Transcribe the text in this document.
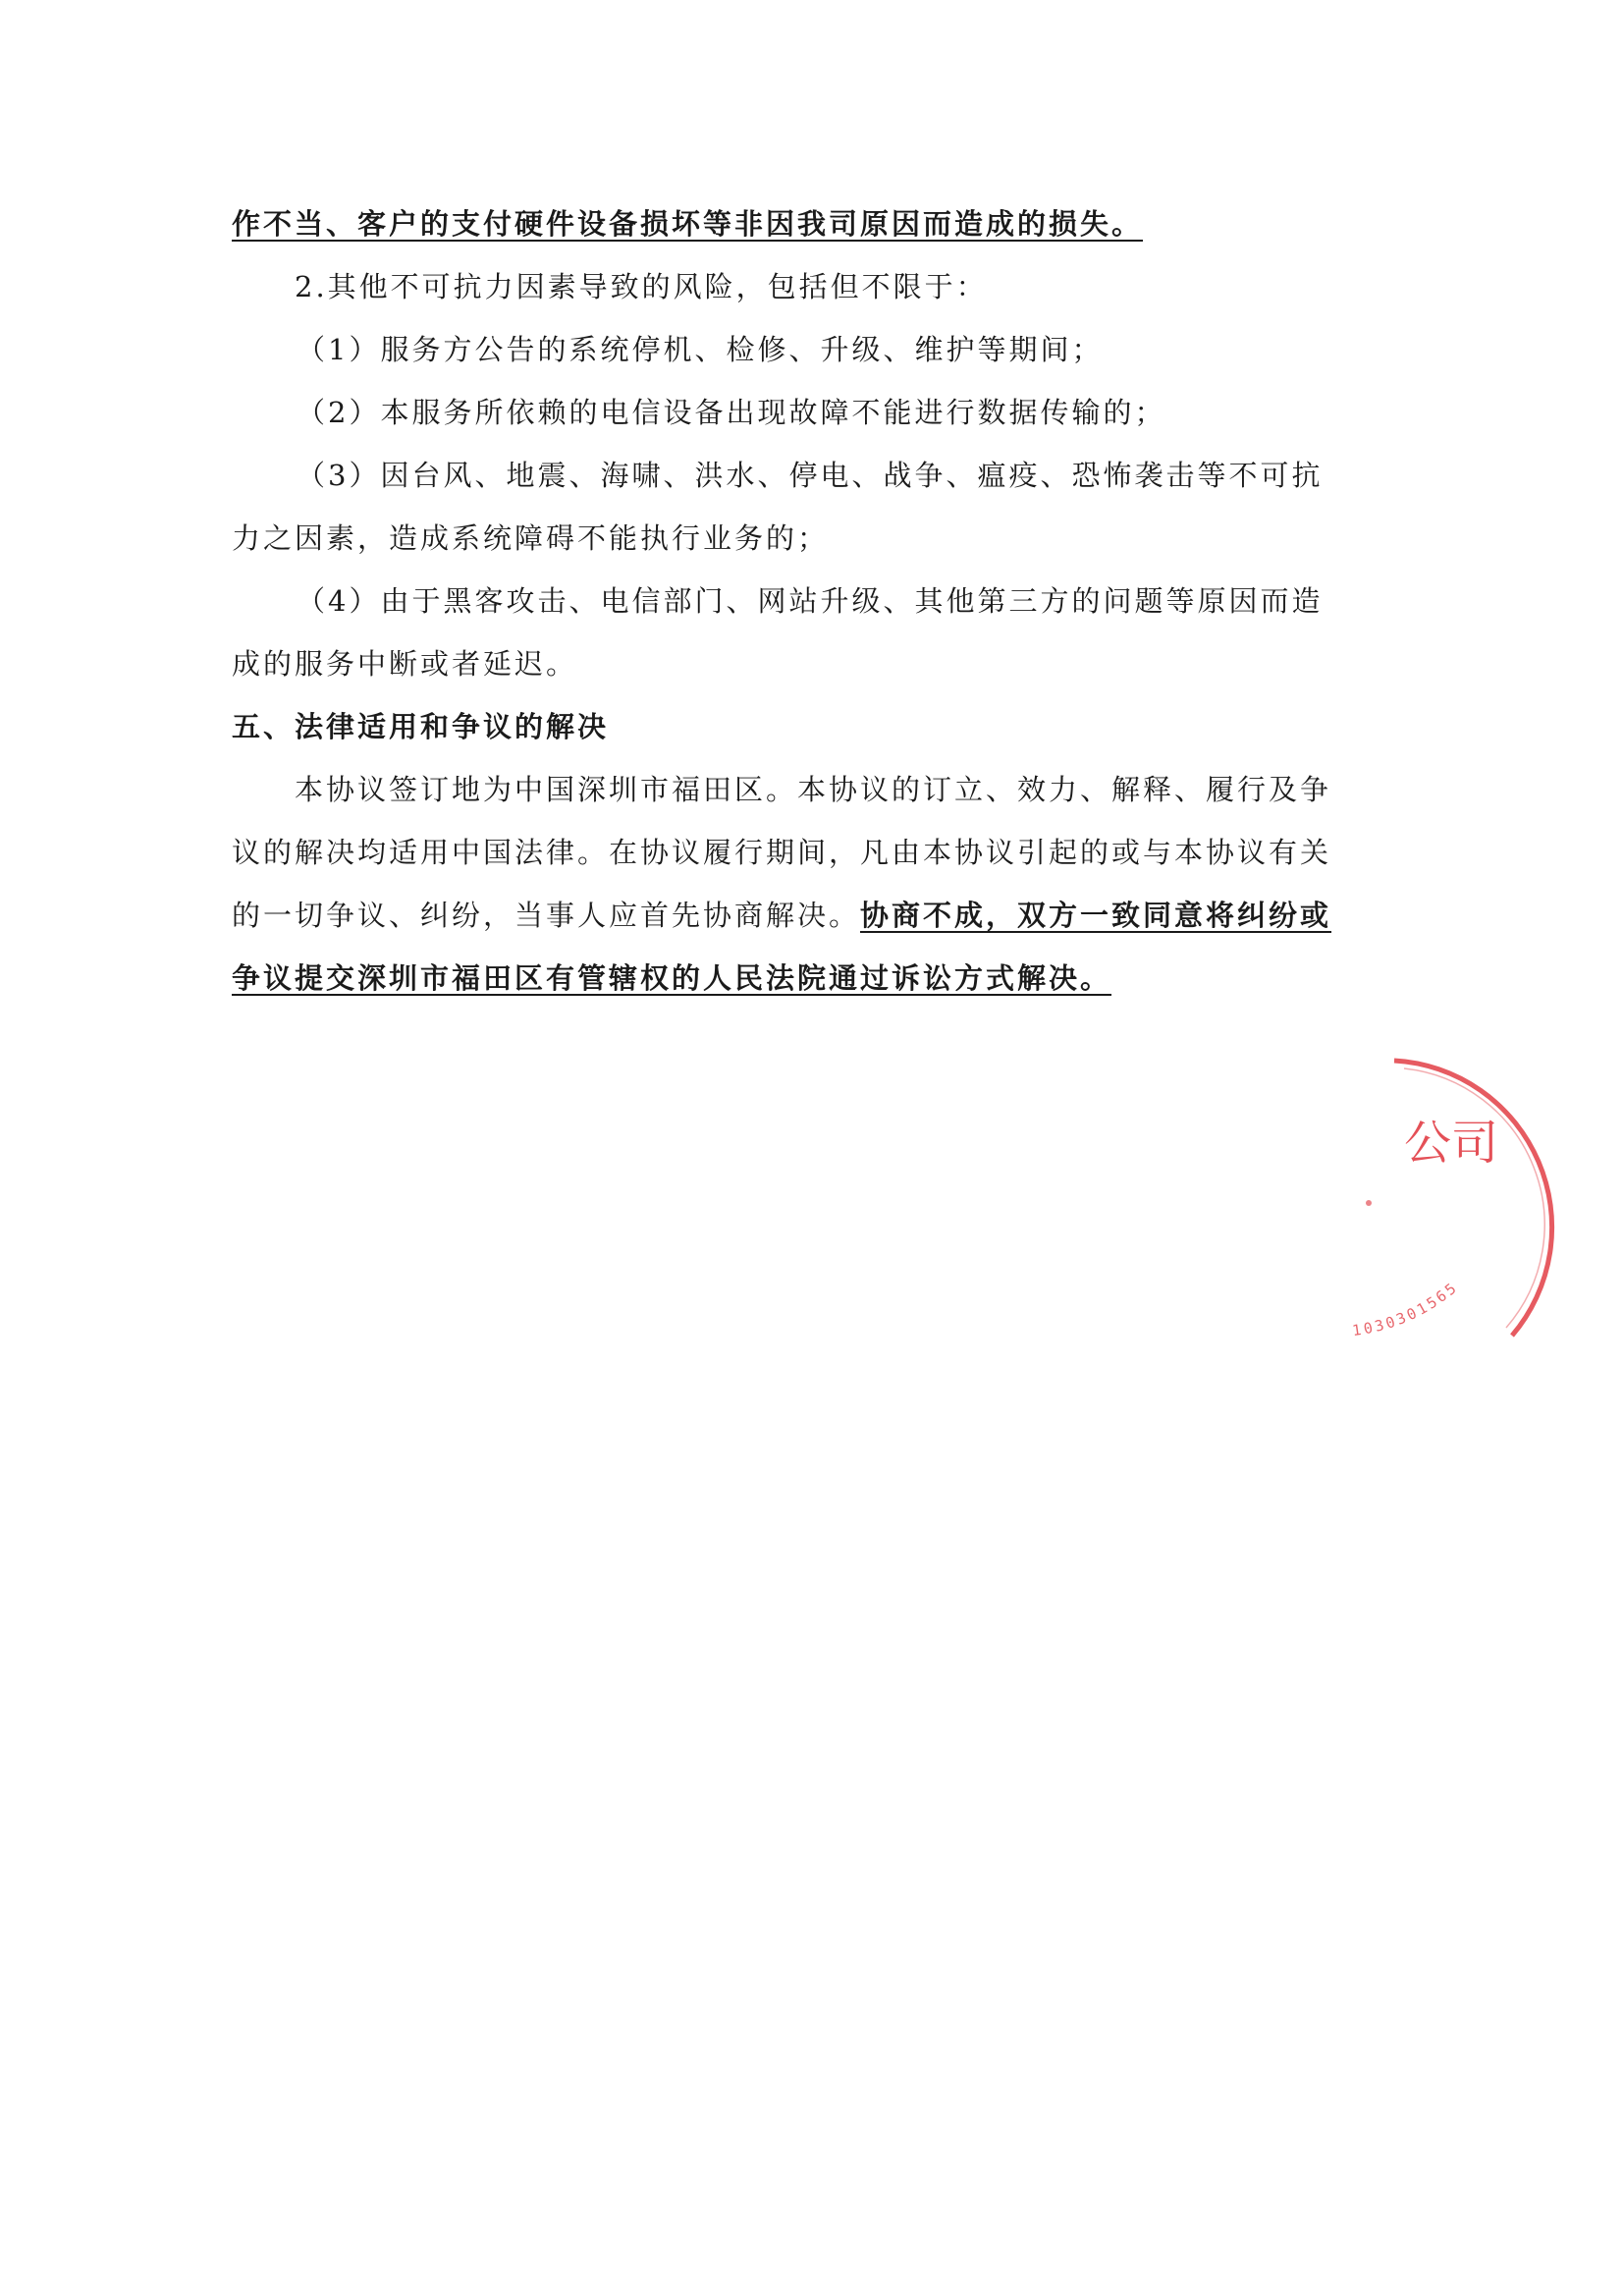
作不当、客户的支付硬件设备损坏等非因我司原因而造成的损失。
2.其他不可抗力因素导致的风险，包括但不限于：
（1）服务方公告的系统停机、检修、升级、维护等期间；
（2）本服务所依赖的电信设备出现故障不能进行数据传输的；
（3）因台风、地震、海啸、洪水、停电、战争、瘟疫、恐怖袭击等不可抗
力之因素，造成系统障碍不能执行业务的；
（4）由于黑客攻击、电信部门、网站升级、其他第三方的问题等原因而造
成的服务中断或者延迟。
五、法律适用和争议的解决
本协议签订地为中国深圳市福田区。本协议的订立、效力、解释、履行及争
议的解决均适用中国法律。在协议履行期间，凡由本协议引起的或与本协议有关
的一切争议、纠纷，当事人应首先协商解决。协商不成，双方一致同意将纠纷或
争议提交深圳市福田区有管辖权的人民法院通过诉讼方式解决。
公司
1030301565
